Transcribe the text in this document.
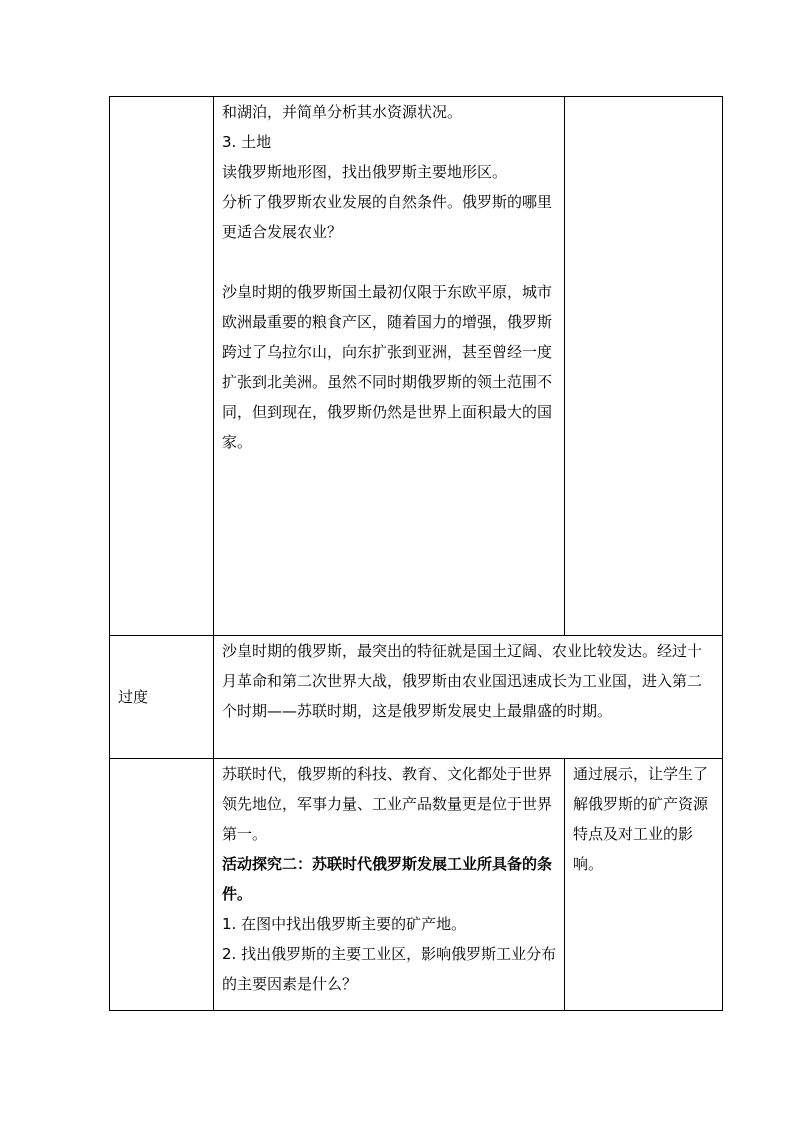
	和湖泊，并简单分析其水资源状况。

3. 土地

读俄罗斯地形图，找出俄罗斯主要地形区。

分析了俄罗斯农业发展的自然条件。俄罗斯的哪里更适合发展农业？

沙皇时期的俄罗斯国土最初仅限于东欧平原，城市欧洲最重要的粮食产区，随着国力的增强，俄罗斯跨过了乌拉尔山，向东扩张到亚洲，甚至曾经一度扩张到北美洲。虽然不同时期俄罗斯的领土范围不同，但到现在，俄罗斯仍然是世界上面积最大的国家。	

过度	沙皇时期的俄罗斯，最突出的特征就是国土辽阔、农业比较发达。经过十月革命和第二次世界大战，俄罗斯由农业国迅速成长为工业国，进入第二个时期——苏联时期，这是俄罗斯发展史上最鼎盛的时期。	

	苏联时代，俄罗斯的科技、教育、文化都处于世界领先地位，军事力量、工业产品数量更是位于世界第一。

活动探究二：苏联时代俄罗斯发展工业所具备的条件。

1. 在图中找出俄罗斯主要的矿产地。

2. 找出俄罗斯的主要工业区，影响俄罗斯工业分布的主要因素是什么？	通过展示，让学生了解俄罗斯的矿产资源特点及对工业的影响。
